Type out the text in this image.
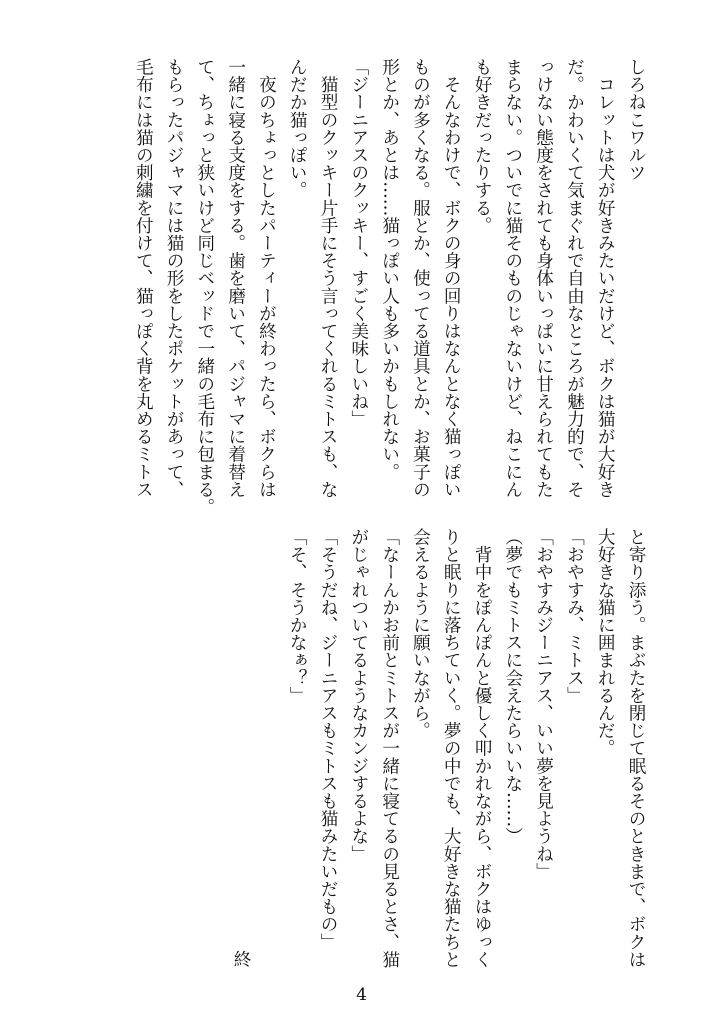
しろねこワルツ
　コレットは犬が好きみたいだけど、ボクは猫が大好き
だ。かわいくて気まぐれで自由なところが魅力的で、そ
っけない態度をされても身体いっぱいに甘えられてもた
まらない。ついでに猫そのものじゃないけど、ねこにん
も好きだったりする。
　そんなわけで、ボクの身の回りはなんとなく猫っぽい
ものが多くなる。服とか、使ってる道具とか、お菓子の
形とか、あとは……猫っぽい人も多いかもしれない。
「ジーニアスのクッキー、すごく美味しいね」
　猫型のクッキー片手にそう言ってくれるミトスも、な
んだか猫っぽい。
　夜のちょっとしたパーティーが終わったら、ボクらは
一緒に寝る支度をする。歯を磨いて、パジャマに着替え
て、ちょっと狭いけど同じベッドで一緒の毛布に包まる。
もらったパジャマには猫の形をしたポケットがあって、
毛布には猫の刺繍を付けて、猫っぽく背を丸めるミトス
と寄り添う。まぶたを閉じて眠るそのときまで、ボクは
大好きな猫に囲まれるんだ。
「おやすみ、ミトス」
「おやすみジーニアス、いい夢を見ようね」
（夢でもミトスに会えたらいいな……）
　背中をぽんぽんと優しく叩かれながら、ボクはゆっく
りと眠りに落ちていく。夢の中でも、大好きな猫たちと
会えるように願いながら。
「なーんかお前とミトスが一緒に寝てるの見るとさ、猫
がじゃれついてるようなカンジするよな」
「そうだね、ジーニアスもミトスも猫みたいだもの」
「そ、そうかなぁ？」
終
4
